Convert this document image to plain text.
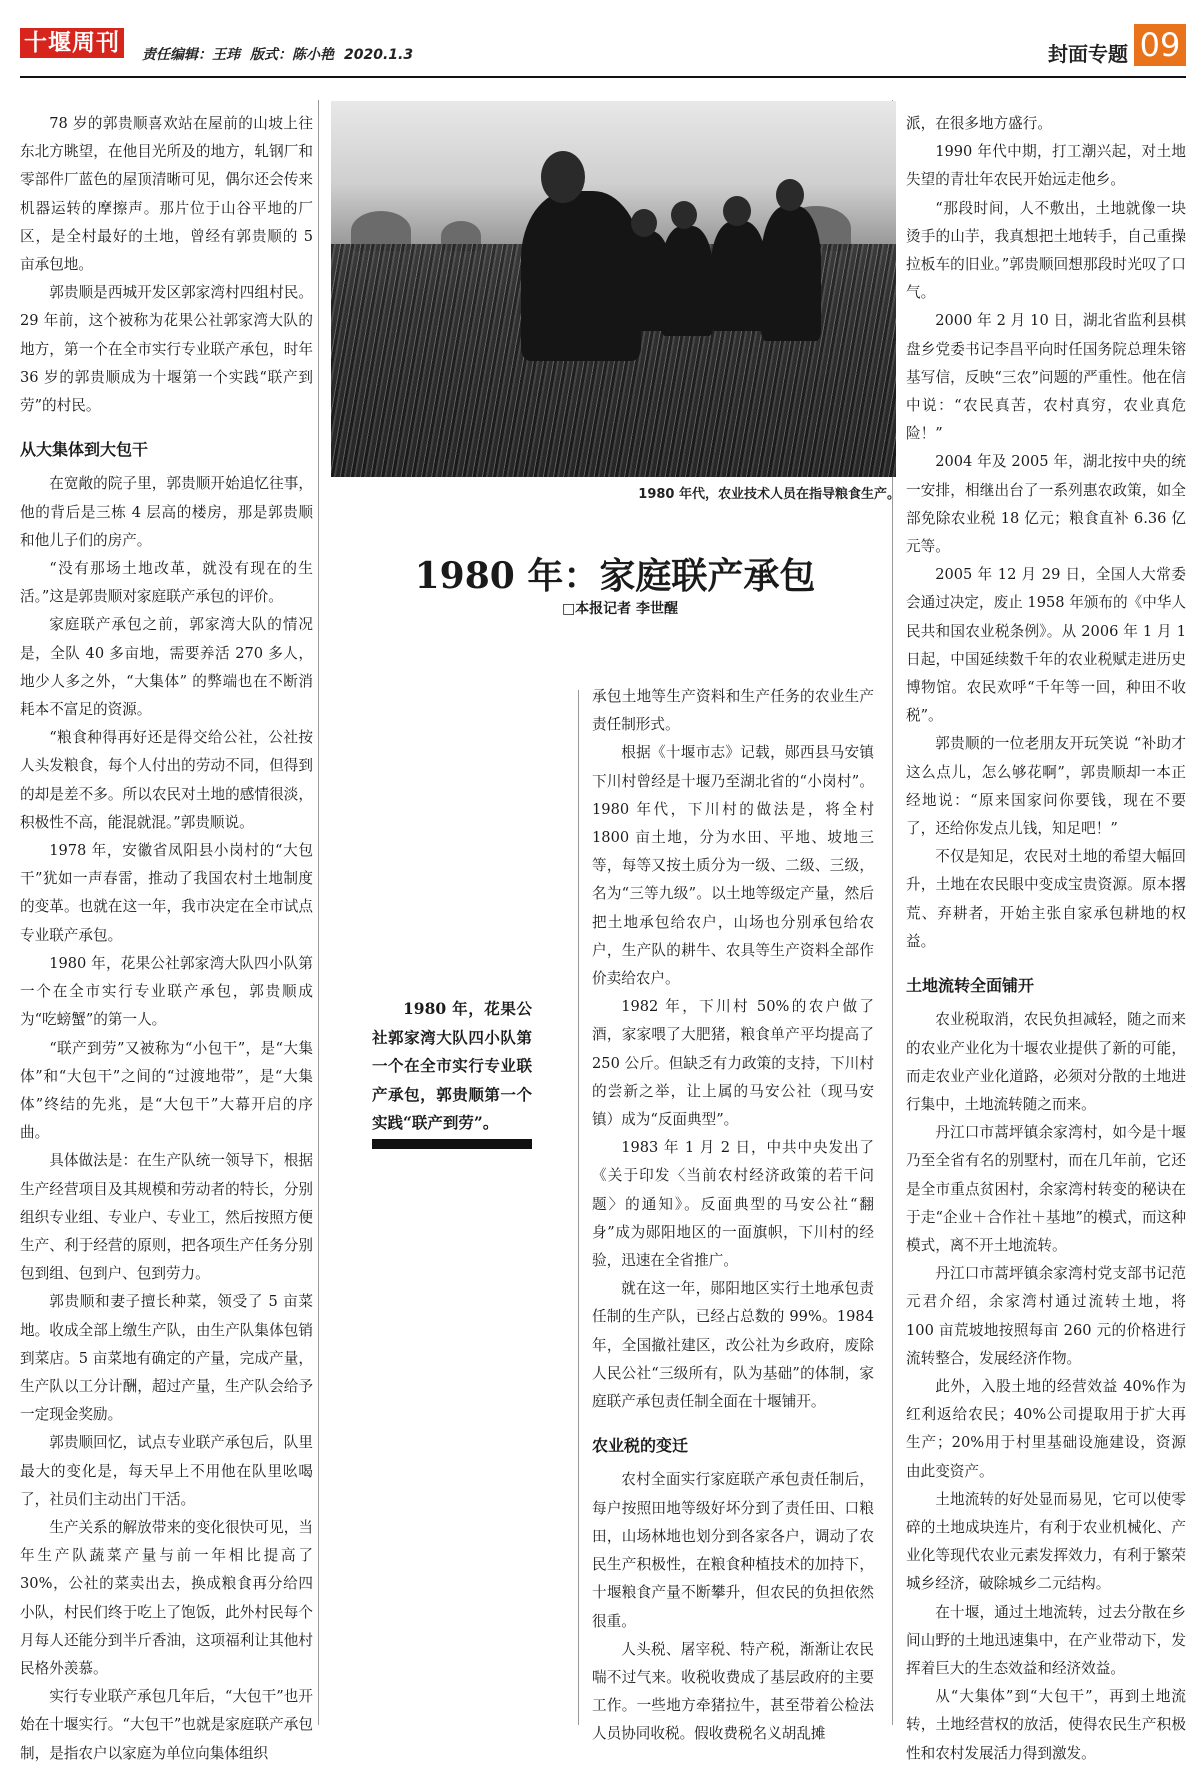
十堰周刊 责任编辑：王玮 版式：陈小艳 2020.1.3	封面专题 09
1980 年代，农业技术人员在指导粮食生产。
1980 年：家庭联产承包
□本报记者 李世醒

1980 年，花果公社郭家湾大队四小队第一个在全市实行专业联产承包，郭贵顺第一个实践“联产到劳”。

78 岁的郭贵顺喜欢站在屋前的山坡上往东北方眺望，在他目光所及的地方，轧钢厂和零部件厂蓝色的屋顶清晰可见，偶尔还会传来机器运转的摩擦声。那片位于山谷平地的厂区，是全村最好的土地，曾经有郭贵顺的 5 亩承包地。

郭贵顺是西城开发区郭家湾村四组村民。29 年前，这个被称为花果公社郭家湾大队的地方，第一个在全市实行专业联产承包，时年 36 岁的郭贵顺成为十堰第一个实践“联产到劳”的村民。

从大集体到大包干

在宽敞的院子里，郭贵顺开始追忆往事，他的背后是三栋 4 层高的楼房，那是郭贵顺和他儿子们的房产。

“没有那场土地改革，就没有现在的生活。”这是郭贵顺对家庭联产承包的评价。

家庭联产承包之前，郭家湾大队的情况是，全队 40 多亩地，需要养活 270 多人，地少人多之外，“大集体” 的弊端也在不断消耗本不富足的资源。

“粮食种得再好还是得交给公社，公社按人头发粮食，每个人付出的劳动不同，但得到的却是差不多。所以农民对土地的感情很淡，积极性不高，能混就混。”郭贵顺说。

1978 年，安徽省凤阳县小岗村的“大包干”犹如一声春雷，推动了我国农村土地制度的变革。也就在这一年，我市决定在全市试点专业联产承包。

1980 年，花果公社郭家湾大队四小队第一个在全市实行专业联产承包，郭贵顺成为“吃螃蟹”的第一人。

“联产到劳”又被称为“小包干”，是“大集体”和“大包干”之间的“过渡地带”，是“大集体”终结的先兆，是“大包干”大幕开启的序曲。

具体做法是：在生产队统一领导下，根据生产经营项目及其规模和劳动者的特长，分别组织专业组、专业户、专业工，然后按照方便生产、利于经营的原则，把各项生产任务分别包到组、包到户、包到劳力。

郭贵顺和妻子擅长种菜，领受了 5 亩菜地。收成全部上缴生产队，由生产队集体包销到菜店。5 亩菜地有确定的产量，完成产量，生产队以工分计酬，超过产量，生产队会给予一定现金奖励。

郭贵顺回忆，试点专业联产承包后，队里最大的变化是，每天早上不用他在队里吆喝了，社员们主动出门干活。

生产关系的解放带来的变化很快可见，当年生产队蔬菜产量与前一年相比提高了 30%，公社的菜卖出去，换成粮食再分给四小队，村民们终于吃上了饱饭，此外村民每个月每人还能分到半斤香油，这项福利让其他村民格外羡慕。

实行专业联产承包几年后，“大包干”也开始在十堰实行。“大包干”也就是家庭联产承包制，是指农户以家庭为单位向集体组织

承包土地等生产资料和生产任务的农业生产责任制形式。

根据《十堰市志》记载，郧西县马安镇下川村曾经是十堰乃至湖北省的“小岗村”。1980 年代，下川村的做法是，将全村 1800 亩土地，分为水田、平地、坡地三等，每等又按土质分为一级、二级、三级，名为“三等九级”。以土地等级定产量，然后把土地承包给农户，山场也分别承包给农户，生产队的耕牛、农具等生产资料全部作价卖给农户。

1982 年，下川村 50%的农户做了酒，家家喂了大肥猪，粮食单产平均提高了 250 公斤。但缺乏有力政策的支持，下川村的尝新之举，让上属的马安公社（现马安镇）成为“反面典型”。

1983 年 1 月 2 日，中共中央发出了《关于印发〈当前农村经济政策的若干问题〉的通知》。反面典型的马安公社“翻身”成为郧阳地区的一面旗帜，下川村的经验，迅速在全省推广。

就在这一年，郧阳地区实行土地承包责任制的生产队，已经占总数的 99%。1984 年，全国撤社建区，改公社为乡政府，废除人民公社“三级所有，队为基础”的体制，家庭联产承包责任制全面在十堰铺开。

农业税的变迁

农村全面实行家庭联产承包责任制后，每户按照田地等级好坏分到了责任田、口粮田，山场林地也划分到各家各户，调动了农民生产积极性，在粮食种植技术的加持下，十堰粮食产量不断攀升，但农民的负担依然很重。

人头税、屠宰税、特产税，渐渐让农民喘不过气来。收税收费成了基层政府的主要工作。一些地方牵猪拉牛，甚至带着公检法人员协同收税。假收费税名义胡乱摊

派，在很多地方盛行。

1990 年代中期，打工潮兴起，对土地失望的青壮年农民开始远走他乡。

“那段时间，人不敷出，土地就像一块烫手的山芋，我真想把土地转手，自己重操拉板车的旧业。”郭贵顺回想那段时光叹了口气。

2000 年 2 月 10 日，湖北省监利县棋盘乡党委书记李昌平向时任国务院总理朱镕基写信，反映“三农”问题的严重性。他在信中说：“农民真苦，农村真穷，农业真危险！”

2004 年及 2005 年，湖北按中央的统一安排，相继出台了一系列惠农政策，如全部免除农业税 18 亿元；粮食直补 6.36 亿元等。

2005 年 12 月 29 日，全国人大常委会通过决定，废止 1958 年颁布的《中华人民共和国农业税条例》。从 2006 年 1 月 1 日起，中国延续数千年的农业税赋走进历史博物馆。农民欢呼“千年等一回，种田不收税”。

郭贵顺的一位老朋友开玩笑说 “补助才这么点儿，怎么够花啊”，郭贵顺却一本正经地说：“原来国家问你要钱，现在不要了，还给你发点儿钱，知足吧！”

不仅是知足，农民对土地的希望大幅回升，土地在农民眼中变成宝贵资源。原本撂荒、弃耕者，开始主张自家承包耕地的权益。

土地流转全面铺开

农业税取消，农民负担减轻，随之而来的农业产业化为十堰农业提供了新的可能，而走农业产业化道路，必须对分散的土地进行集中，土地流转随之而来。

丹江口市蒿坪镇余家湾村，如今是十堰乃至全省有名的别墅村，而在几年前，它还是全市重点贫困村，余家湾村转变的秘诀在于走“企业＋合作社＋基地”的模式，而这种模式，离不开土地流转。

丹江口市蒿坪镇余家湾村党支部书记范元君介绍，余家湾村通过流转土地，将 100 亩荒坡地按照每亩 260 元的价格进行流转整合，发展经济作物。

此外，入股土地的经营效益 40%作为红利返给农民；40%公司提取用于扩大再生产；20%用于村里基础设施建设，资源由此变资产。

土地流转的好处显而易见，它可以使零碎的土地成块连片，有利于农业机械化、产业化等现代农业元素发挥效力，有利于繁荣城乡经济，破除城乡二元结构。

在十堰，通过土地流转，过去分散在乡间山野的土地迅速集中，在产业带动下，发挥着巨大的生态效益和经济效益。

从“大集体”到“大包干”，再到土地流转，土地经营权的放活，使得农民生产积极性和农村发展活力得到激发。
